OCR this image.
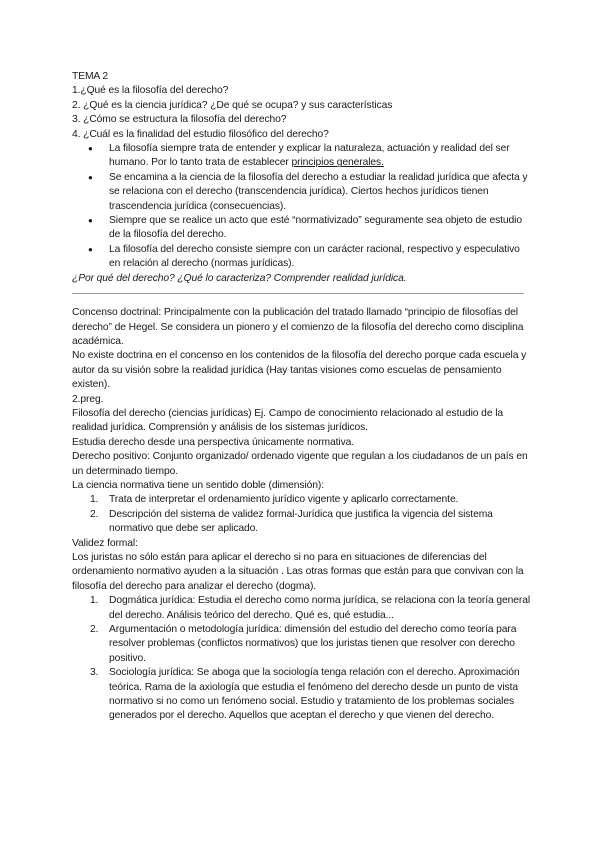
TEMA 2

1.¿Qué es la filosofía del derecho?

2. ¿Qué es la ciencia jurídica? ¿De qué se ocupa? y sus características

3. ¿Cómo se estructura la filosofía del derecho?

4. ¿Cuál es la finalidad del estudio filosófico del derecho?

● La filosofía siempre trata de entender y explicar la naturaleza, actuación y realidad del ser humano. Por lo tanto trata de establecer principios generales.
● Se encamina a la ciencia de la filosofía del derecho a estudiar la realidad jurídica que afecta y se relaciona con el derecho (transcendencia jurídica). Ciertos hechos jurídicos tienen trascendencia jurídica (consecuencias).
● Siempre que se realice un acto que esté “normativizado” seguramente sea objeto de estudio de la filosofía del derecho.
● La filosofía del derecho consiste siempre con un carácter racional, respectivo y especulativo en relación al derecho (normas jurídicas).

¿Por qué del derecho? ¿Qué lo caracteriza? Comprender realidad jurídica.

Concenso doctrinal: Principalmente con la publicación del tratado llamado “principio de filosofías del derecho” de Hegel. Se considera un pionero y el comienzo de la filosofía del derecho como disciplina académica.

No existe doctrina en el concenso en los contenidos de la filosofía del derecho porque cada escuela y autor da su visión sobre la realidad jurídica (Hay tantas visiones como escuelas de pensamiento existen).

2.preg.

Filosofía del derecho (ciencias jurídicas) Ej. Campo de conocimiento relacionado al estudio de la realidad jurídica. Comprensión y análisis de los sistemas jurídicos.

Estudia derecho desde una perspectiva únicamente normativa.

Derecho positivo: Conjunto organizado/ ordenado vigente que regulan a los ciudadanos de un país en un determinado tiempo.

La ciencia normativa tiene un sentido doble (dimensión):

1. Trata de interpretar el ordenamiento jurídico vigente y aplicarlo correctamente.
2. Descripción del sistema de validez formal-Jurídica que justifica la vigencia del sistema normativo que debe ser aplicado.

Validez formal:

Los juristas no sólo están para aplicar el derecho si no para en situaciones de diferencias del ordenamiento normativo ayuden a la situación . Las otras formas que están para que convivan con la filosofía del derecho para analizar el derecho (dogma).

1. Dogmática jurídica: Estudia el derecho como norma jurídica, se relaciona con la teoría general del derecho. Análisis teórico del derecho. Qué es, qué estudia...
2. Argumentación o metodología jurídica: dimensión del estudio del derecho como teoría para resolver problemas (conflictos normativos) que los juristas tienen que resolver con derecho positivo.
3. Sociología jurídica: Se aboga que la sociología tenga relación con el derecho. Aproximación teórica. Rama de la axiología que estudia el fenómeno del derecho desde un punto de vista normativo si no como un fenómeno social. Estudio y tratamiento de los problemas sociales generados por el derecho. Aquellos que aceptan el derecho y que vienen del derecho.
